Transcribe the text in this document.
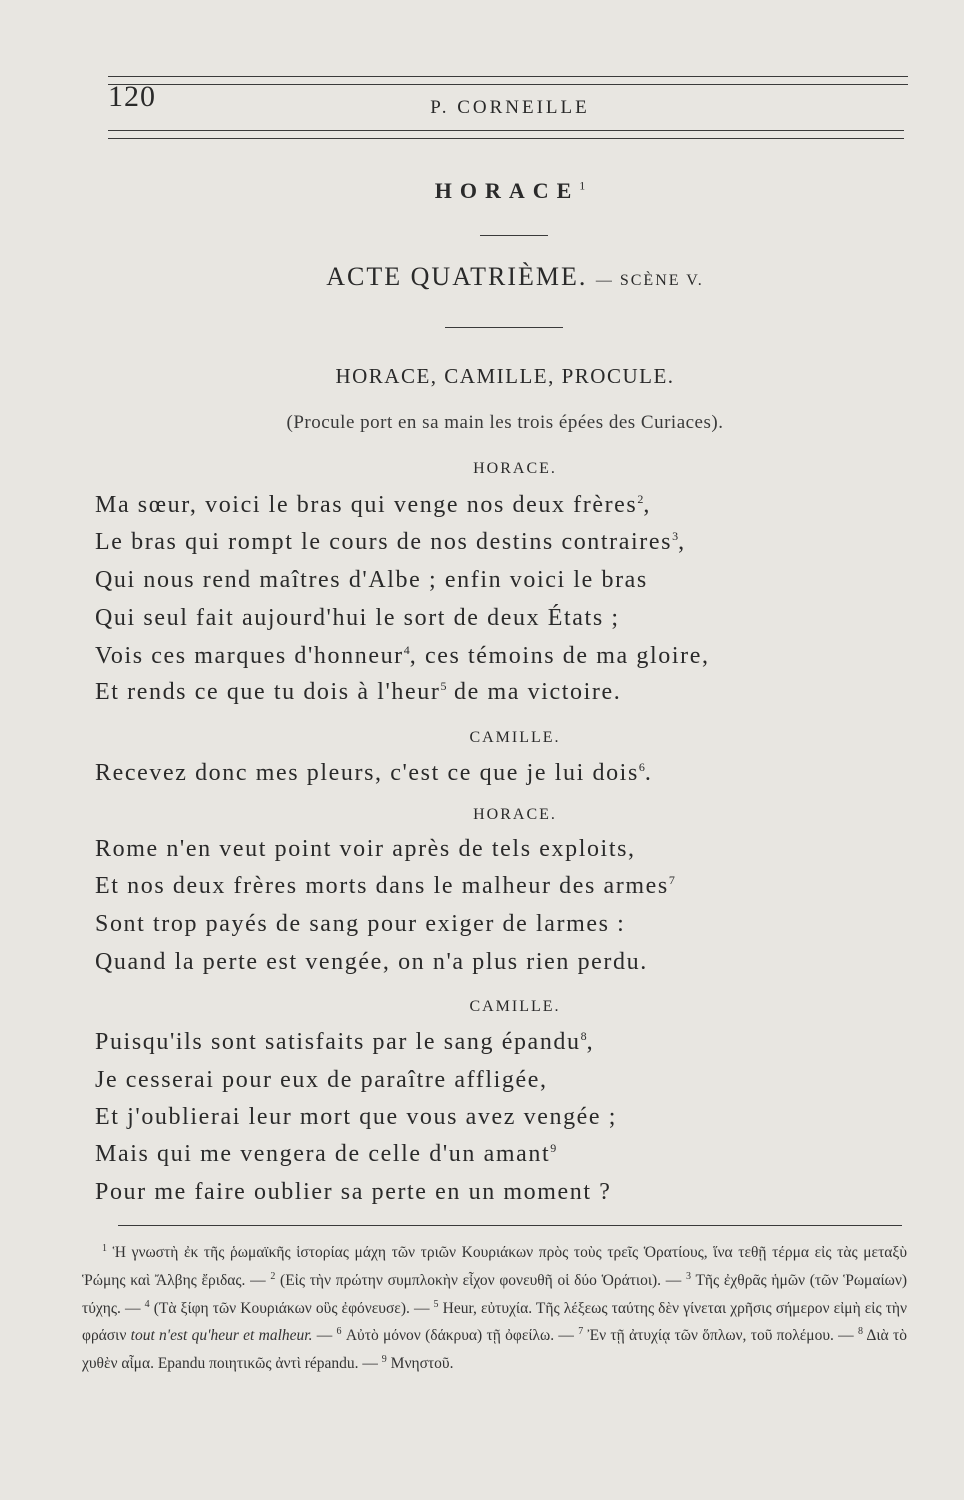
120	P. CORNEILLE
HORACE$^1$
ACTE QUATRIÈME. — SCÈNE V.
HORACE, CAMILLE, PROCULE.
(Procule port en sa main les trois épées des Curiaces).
HORACE.
Ma sœur, voici le bras qui venge nos deux frères$^2$,
Le bras qui rompt le cours de nos destins contraires$^3$,
Qui nous rend maîtres d'Albe ; enfin voici le bras
Qui seul fait aujourd'hui le sort de deux États ;
Vois ces marques d'honneur$^4$, ces témoins de ma gloire,
Et rends ce que tu dois à l'heur$^5$ de ma victoire.
CAMILLE.
Recevez donc mes pleurs, c'est ce que je lui dois$^6$.
HORACE.
Rome n'en veut point voir après de tels exploits,
Et nos deux frères morts dans le malheur des armes$^7$
Sont trop payés de sang pour exiger de larmes :
Quand la perte est vengée, on n'a plus rien perdu.
CAMILLE.
Puisqu'ils sont satisfaits par le sang épandu$^8$,
Je cesserai pour eux de paraître affligée,
Et j'oublierai leur mort que vous avez vengée ;
Mais qui me vengera de celle d'un amant$^9$
Pour me faire oublier sa perte en un moment ?

$^1$ Ἡ γνωστὴ ἐκ τῆς ῥωμαϊκῆς ἱστορίας μάχη τῶν τριῶν Κουριάκων πρὸς τοὺς τρεῖς Ὁρατίους, ἵνα τεθῇ τέρμα εἰς τὰς μεταξὺ Ῥώμης καὶ Ἄλβης ἔριδας. — $^2$ (Εἰς τὴν πρώτην συμπλοκὴν εἶχον φονευθῆ οἱ δύο Ὁράτιοι). — $^3$ Τῆς ἐχθρᾶς ἡμῶν (τῶν Ῥωμαίων) τύχης. — $^4$ (Τὰ ξίφη τῶν Κουριάκων οὓς ἐφόνευσε). — $^5$ Heur, εὐτυχία. Τῆς λέξεως ταύτης δὲν γίνεται χρῆσις σήμερον εἰμὴ εἰς τὴν φράσιν tout n'est qu'heur et malheur. — $^6$ Αὐτὸ μόνον (δάκρυα) τῇ ὀφείλω. — $^7$ Ἐν τῇ ἀτυχίᾳ τῶν ὅπλων, τοῦ πολέμου. — $^8$ Διὰ τὸ χυθὲν αἷμα. Epandu ποιητικῶς ἀντὶ répandu. — $^9$ Μνηστοῦ.
